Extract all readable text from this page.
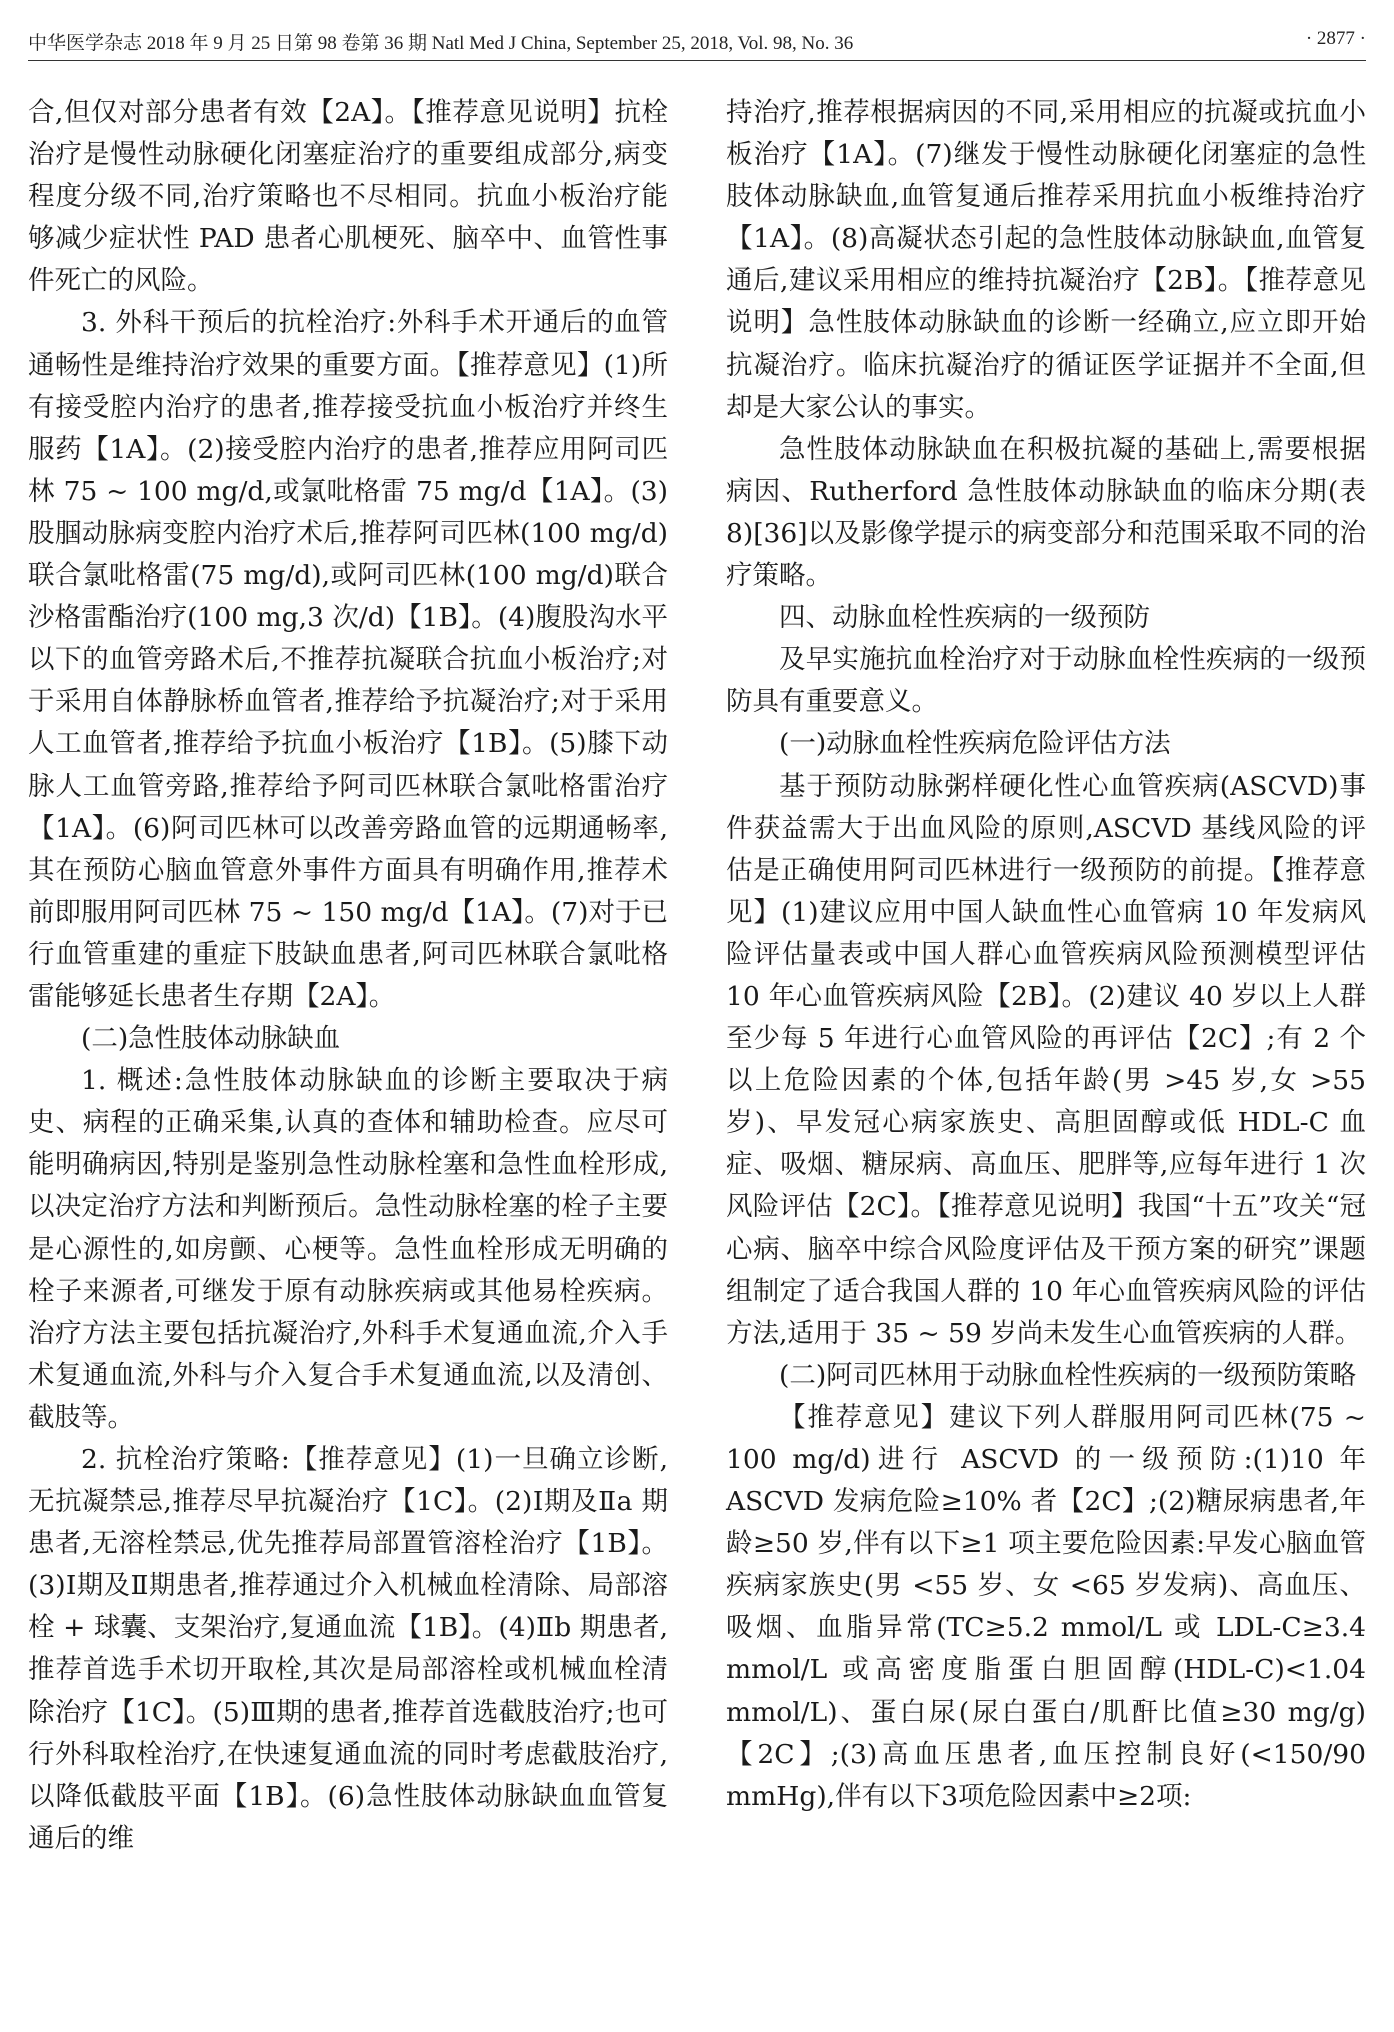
中华医学杂志 2018 年 9 月 25 日第 98 卷第 36 期 Natl Med J China, September 25, 2018, Vol. 98, No. 36	· 2877 ·

合,但仅对部分患者有效【2A】。【推荐意见说明】抗栓治疗是慢性动脉硬化闭塞症治疗的重要组成部分,病变程度分级不同,治疗策略也不尽相同。抗血小板治疗能够减少症状性 PAD 患者心肌梗死、脑卒中、血管性事件死亡的风险。

3. 外科干预后的抗栓治疗:外科手术开通后的血管通畅性是维持治疗效果的重要方面。【推荐意见】(1)所有接受腔内治疗的患者,推荐接受抗血小板治疗并终生服药【1A】。(2)接受腔内治疗的患者,推荐应用阿司匹林 75 ~ 100 mg/d,或氯吡格雷 75 mg/d【1A】。(3)股腘动脉病变腔内治疗术后,推荐阿司匹林(100 mg/d)联合氯吡格雷(75 mg/d),或阿司匹林(100 mg/d)联合沙格雷酯治疗(100 mg,3 次/d)【1B】。(4)腹股沟水平以下的血管旁路术后,不推荐抗凝联合抗血小板治疗;对于采用自体静脉桥血管者,推荐给予抗凝治疗;对于采用人工血管者,推荐给予抗血小板治疗【1B】。(5)膝下动脉人工血管旁路,推荐给予阿司匹林联合氯吡格雷治疗【1A】。(6)阿司匹林可以改善旁路血管的远期通畅率,其在预防心脑血管意外事件方面具有明确作用,推荐术前即服用阿司匹林 75 ~ 150 mg/d【1A】。(7)对于已行血管重建的重症下肢缺血患者,阿司匹林联合氯吡格雷能够延长患者生存期【2A】。

(二)急性肢体动脉缺血

1. 概述:急性肢体动脉缺血的诊断主要取决于病史、病程的正确采集,认真的查体和辅助检查。应尽可能明确病因,特别是鉴别急性动脉栓塞和急性血栓形成,以决定治疗方法和判断预后。急性动脉栓塞的栓子主要是心源性的,如房颤、心梗等。急性血栓形成无明确的栓子来源者,可继发于原有动脉疾病或其他易栓疾病。治疗方法主要包括抗凝治疗,外科手术复通血流,介入手术复通血流,外科与介入复合手术复通血流,以及清创、截肢等。

2. 抗栓治疗策略:【推荐意见】(1)一旦确立诊断,无抗凝禁忌,推荐尽早抗凝治疗【1C】。(2)Ⅰ期及Ⅱa 期患者,无溶栓禁忌,优先推荐局部置管溶栓治疗【1B】。(3)Ⅰ期及Ⅱ期患者,推荐通过介入机械血栓清除、局部溶栓 + 球囊、支架治疗,复通血流【1B】。(4)Ⅱb 期患者,推荐首选手术切开取栓,其次是局部溶栓或机械血栓清除治疗【1C】。(5)Ⅲ期的患者,推荐首选截肢治疗;也可行外科取栓治疗,在快速复通血流的同时考虑截肢治疗,以降低截肢平面【1B】。(6)急性肢体动脉缺血血管复通后的维

持治疗,推荐根据病因的不同,采用相应的抗凝或抗血小板治疗【1A】。(7)继发于慢性动脉硬化闭塞症的急性肢体动脉缺血,血管复通后推荐采用抗血小板维持治疗【1A】。(8)高凝状态引起的急性肢体动脉缺血,血管复通后,建议采用相应的维持抗凝治疗【2B】。【推荐意见说明】急性肢体动脉缺血的诊断一经确立,应立即开始抗凝治疗。临床抗凝治疗的循证医学证据并不全面,但却是大家公认的事实。

急性肢体动脉缺血在积极抗凝的基础上,需要根据病因、Rutherford 急性肢体动脉缺血的临床分期(表 8)[36]以及影像学提示的病变部分和范围采取不同的治疗策略。

四、动脉血栓性疾病的一级预防

及早实施抗血栓治疗对于动脉血栓性疾病的一级预防具有重要意义。

(一)动脉血栓性疾病危险评估方法

基于预防动脉粥样硬化性心血管疾病(ASCVD)事件获益需大于出血风险的原则,ASCVD 基线风险的评估是正确使用阿司匹林进行一级预防的前提。【推荐意见】(1)建议应用中国人缺血性心血管病 10 年发病风险评估量表或中国人群心血管疾病风险预测模型评估 10 年心血管疾病风险【2B】。(2)建议 40 岁以上人群至少每 5 年进行心血管风险的再评估【2C】;有 2 个以上危险因素的个体,包括年龄(男 >45 岁,女 >55 岁)、早发冠心病家族史、高胆固醇或低 HDL-C 血症、吸烟、糖尿病、高血压、肥胖等,应每年进行 1 次风险评估【2C】。【推荐意见说明】我国“十五”攻关“冠心病、脑卒中综合风险度评估及干预方案的研究”课题组制定了适合我国人群的 10 年心血管疾病风险的评估方法,适用于 35 ~ 59 岁尚未发生心血管疾病的人群。

(二)阿司匹林用于动脉血栓性疾病的一级预防策略

【推荐意见】建议下列人群服用阿司匹林(75 ~ 100 mg/d)进行 ASCVD 的一级预防:(1)10 年 ASCVD 发病危险≥10% 者【2C】;(2)糖尿病患者,年龄≥50 岁,伴有以下≥1 项主要危险因素:早发心脑血管疾病家族史(男 <55 岁、女 <65 岁发病)、高血压、吸烟、血脂异常(TC≥5.2 mmol/L 或 LDL-C≥3.4 mmol/L 或高密度脂蛋白胆固醇(HDL-C)<1.04 mmol/L)、蛋白尿(尿白蛋白/肌酐比值≥30 mg/g)【2C】;(3)高血压患者,血压控制良好(<150/90 mmHg),伴有以下3项危险因素中≥2项:
